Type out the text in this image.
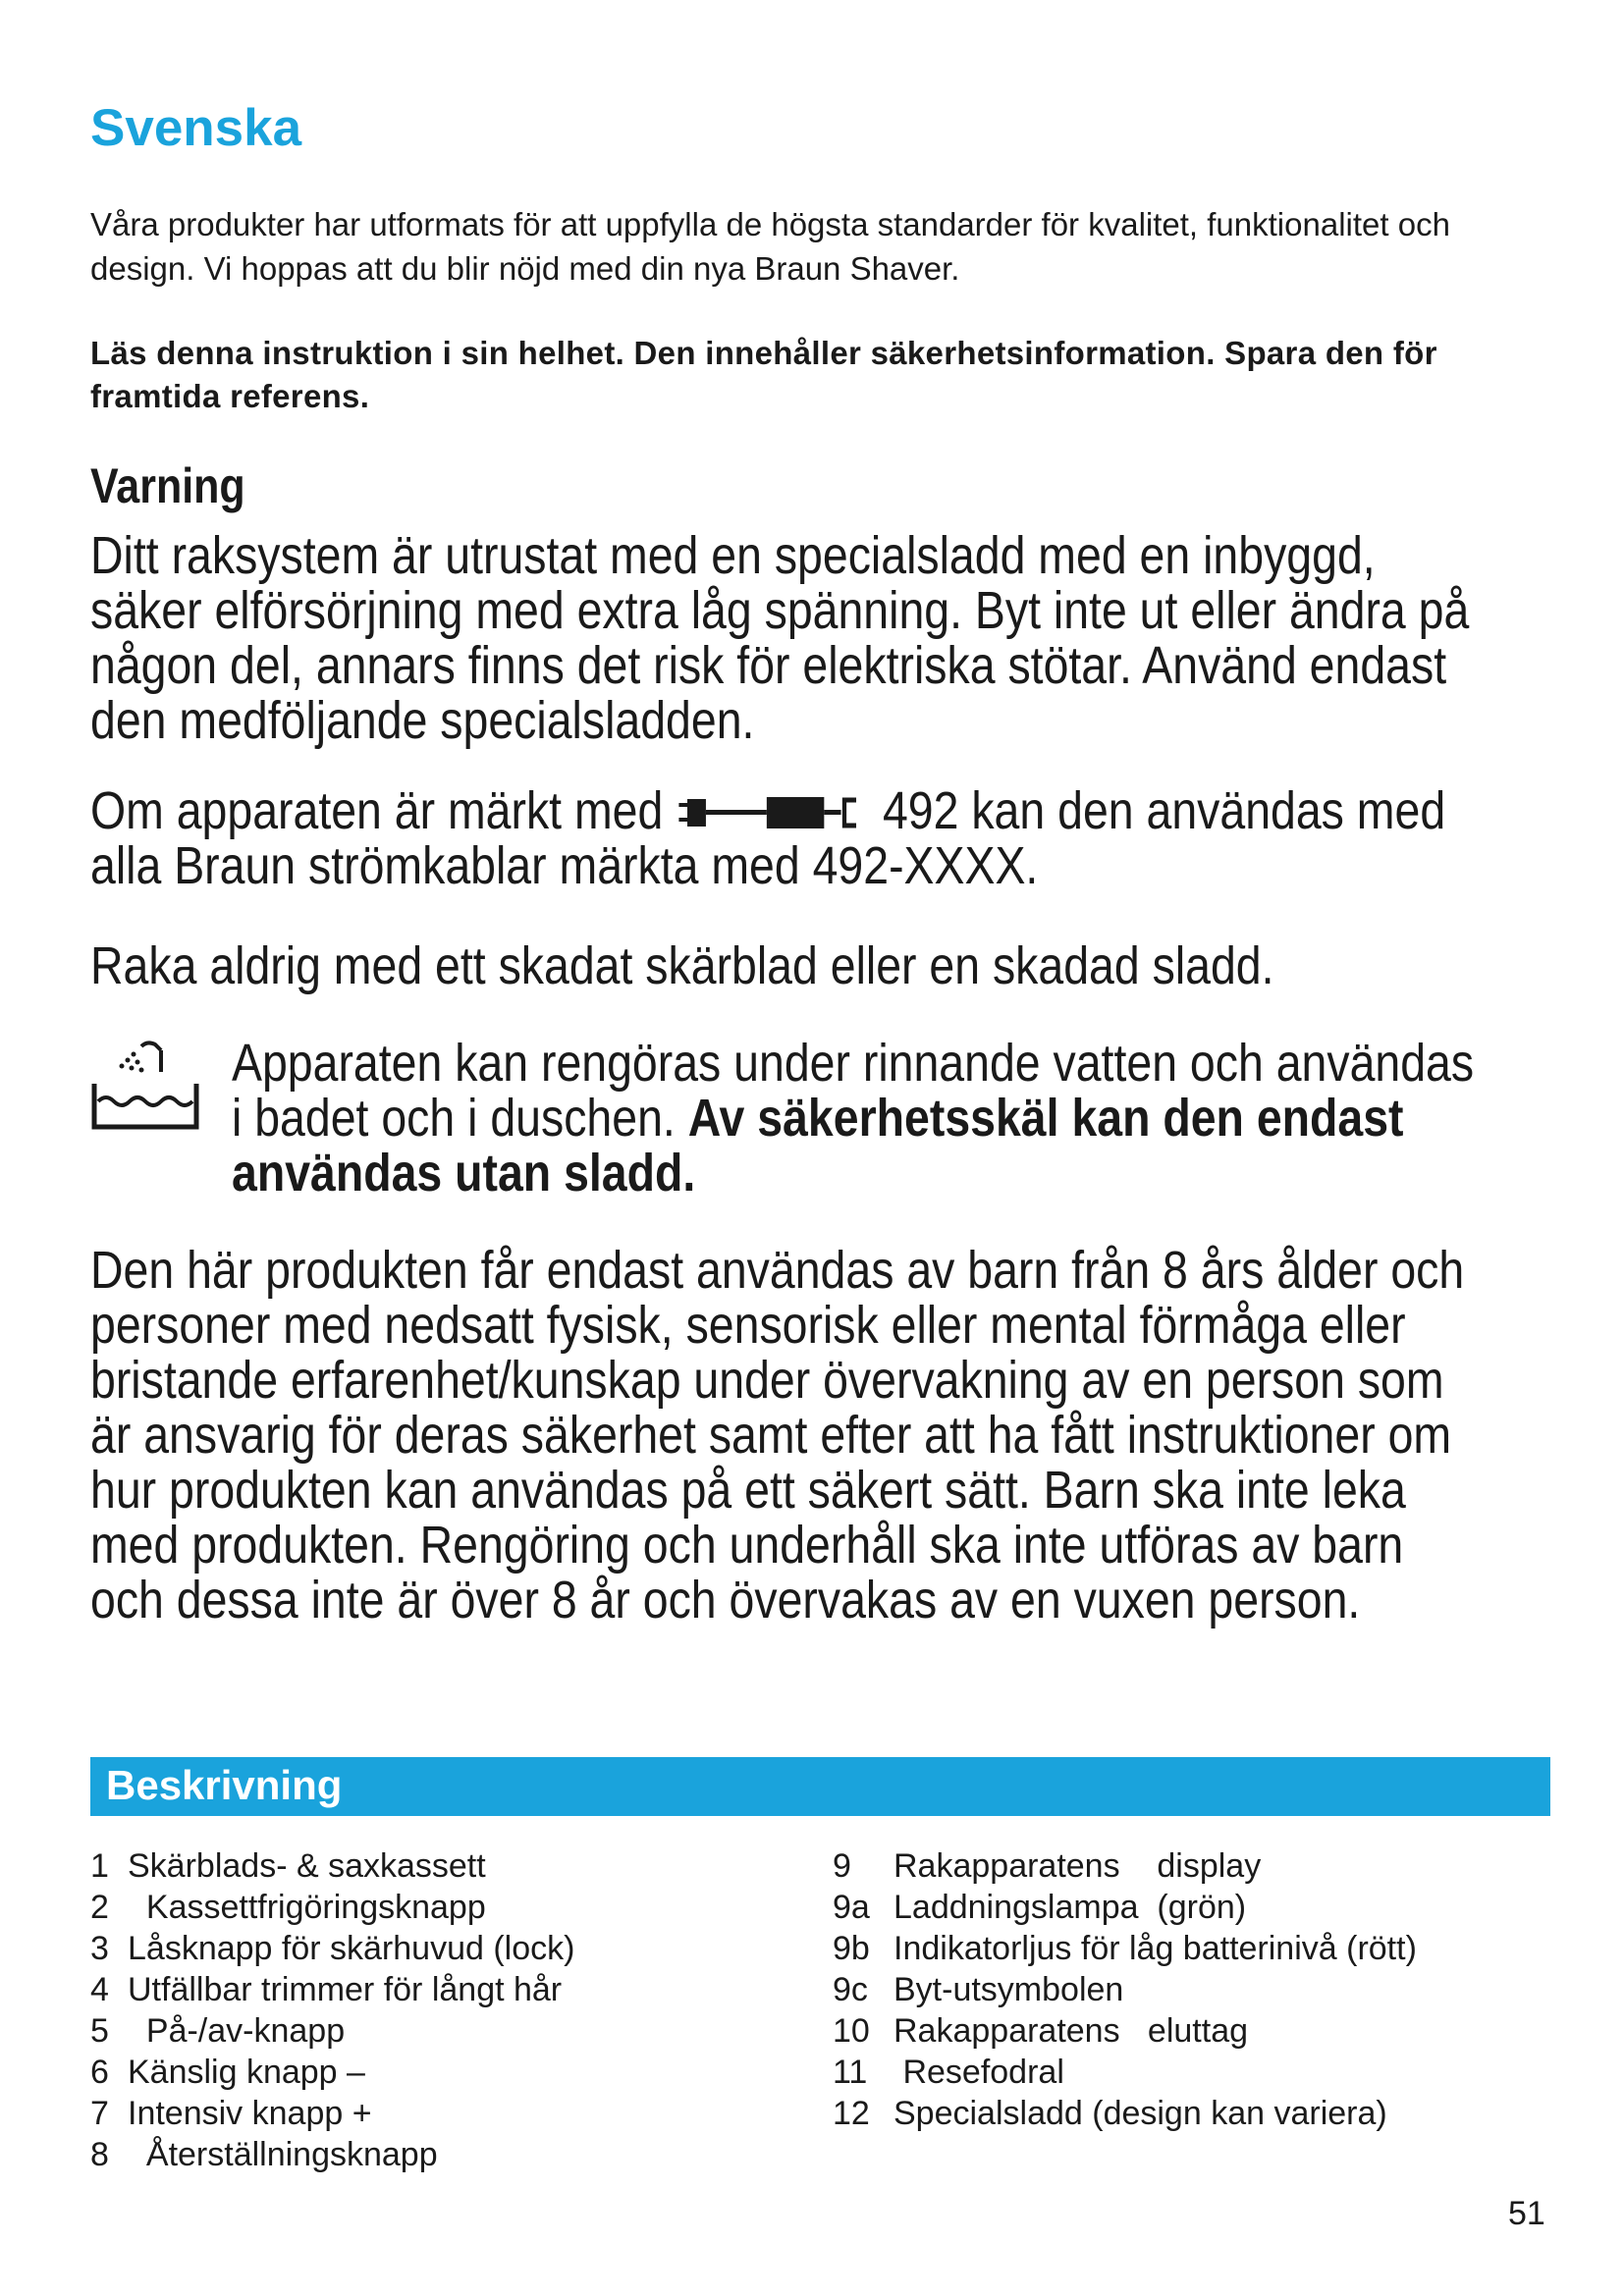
Svenska

Våra produkter har utformats för att uppfylla de högsta standarder för kvalitet, funktionalitet och design. Vi hoppas att du blir nöjd med din nya Braun Shaver.

Läs denna instruktion i sin helhet. Den innehåller säkerhetsinformation. Spara den för framtida referens.

Varning

Ditt raksystem är utrustat med en specialsladd med en inbyggd, säker elförsörjning med extra låg spänning. Byt inte ut eller ändra på någon del, annars finns det risk för elektriska stötar. Använd endast den medföljande specialsladden.

Om apparaten är märkt med	492 kan den användas med alla Braun strömkablar märkta med 492-XXXX.

Raka aldrig med ett skadat skärblad eller en skadad sladd.

Apparaten kan rengöras under rinnande vatten och användas i badet och i duschen. Av säkerhetsskäl kan den endast användas utan sladd.

Den här produkten får endast användas av barn från 8 års ålder och personer med nedsatt fysisk, sensorisk eller mental förmåga eller bristande erfarenhet/kunskap under övervakning av en person som är ansvarig för deras säkerhet samt efter att ha fått instruktioner om hur produkten kan användas på ett säkert sätt. Barn ska inte leka med produkten. Rengöring och underhåll ska inte utföras av barn och dessa inte är över 8 år och övervakas av en vuxen person.

Beskrivning
1 Skärblads- & saxkassett
2  Kassettfrigöringsknapp
3 Låsknapp för skärhuvud (lock)
4 Utfällbar trimmer för långt hår
5  På-/av-knapp
6 Känslig knapp –
7 Intensiv knapp +
8  Återställningsknapp
9 Rakapparatens    display
9a Laddningslampa  (grön)
9b Indikatorljus för låg batterinivå (rött)
9c Byt-utsymbolen
10 Rakapparatens   eluttag
11 Resefodral
12 Specialsladd (design kan variera)
51
